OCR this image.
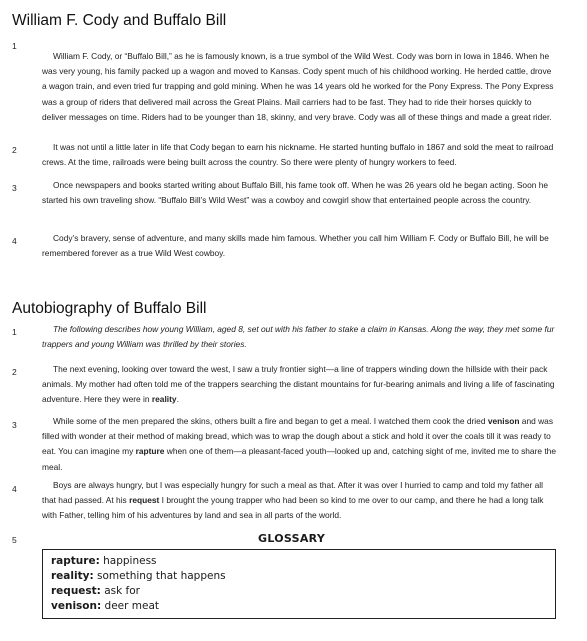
William F. Cody and Buffalo Bill
1

William F. Cody, or “Buffalo Bill,” as he is famously known, is a true symbol of the Wild West. Cody was born in Iowa in 1846. When he was very young, his family packed up a wagon and moved to Kansas. Cody spent much of his childhood working. He herded cattle, drove a wagon train, and even tried fur trapping and gold mining. When he was 14 years old he worked for the Pony Express. The Pony Express was a group of riders that delivered mail across the Great Plains. Mail carriers had to be fast. They had to ride their horses quickly to deliver messages on time. Riders had to be younger than 18, skinny, and very brave. Cody was all of these things and made a great rider.

2	It was not until a little later in life that Cody began to earn his nickname. He started hunting buffalo in 1867 and sold the meat to railroad crews. At the time, railroads were being built across the country. So there were plenty of hungry workers to feed.

3	Once newspapers and books started writing about Buffalo Bill, his fame took off. When he was 26 years old he began acting. Soon he started his own traveling show. “Buffalo Bill’s Wild West” was a cowboy and cowgirl show that entertained people across the country.

4	Cody’s bravery, sense of adventure, and many skills made him famous. Whether you call him William F. Cody or Buffalo Bill, he will be remembered forever as a true Wild West cowboy.

Autobiography of Buffalo Bill
1	The following describes how young William, aged 8, set out with his father to stake a claim in Kansas. Along the way, they met some fur trappers and young William was thrilled by their stories.

2	The next evening, looking over toward the west, I saw a truly frontier sight—a line of trappers winding down the hillside with their pack animals. My mother had often told me of the trappers searching the distant mountains for fur-bearing animals and living a life of fascinating adventure. Here they were in reality.

3	While some of the men prepared the skins, others built a fire and began to get a meal. I watched them cook the dried venison and was filled with wonder at their method of making bread, which was to wrap the dough about a stick and hold it over the coals till it was ready to eat. You can imagine my rapture when one of them—a pleasant-faced youth—looked up and, catching sight of me, invited me to share the meal.

4	Boys are always hungry, but I was especially hungry for such a meal as that. After it was over I hurried to camp and told my father all that had passed. At his request I brought the young trapper who had been so kind to me over to our camp, and there he had a long talk with Father, telling him of his adventures by land and sea in all parts of the world.

5	GLOSSARY
rapture: happiness
reality: something that happens
request: ask for
venison: deer meat
